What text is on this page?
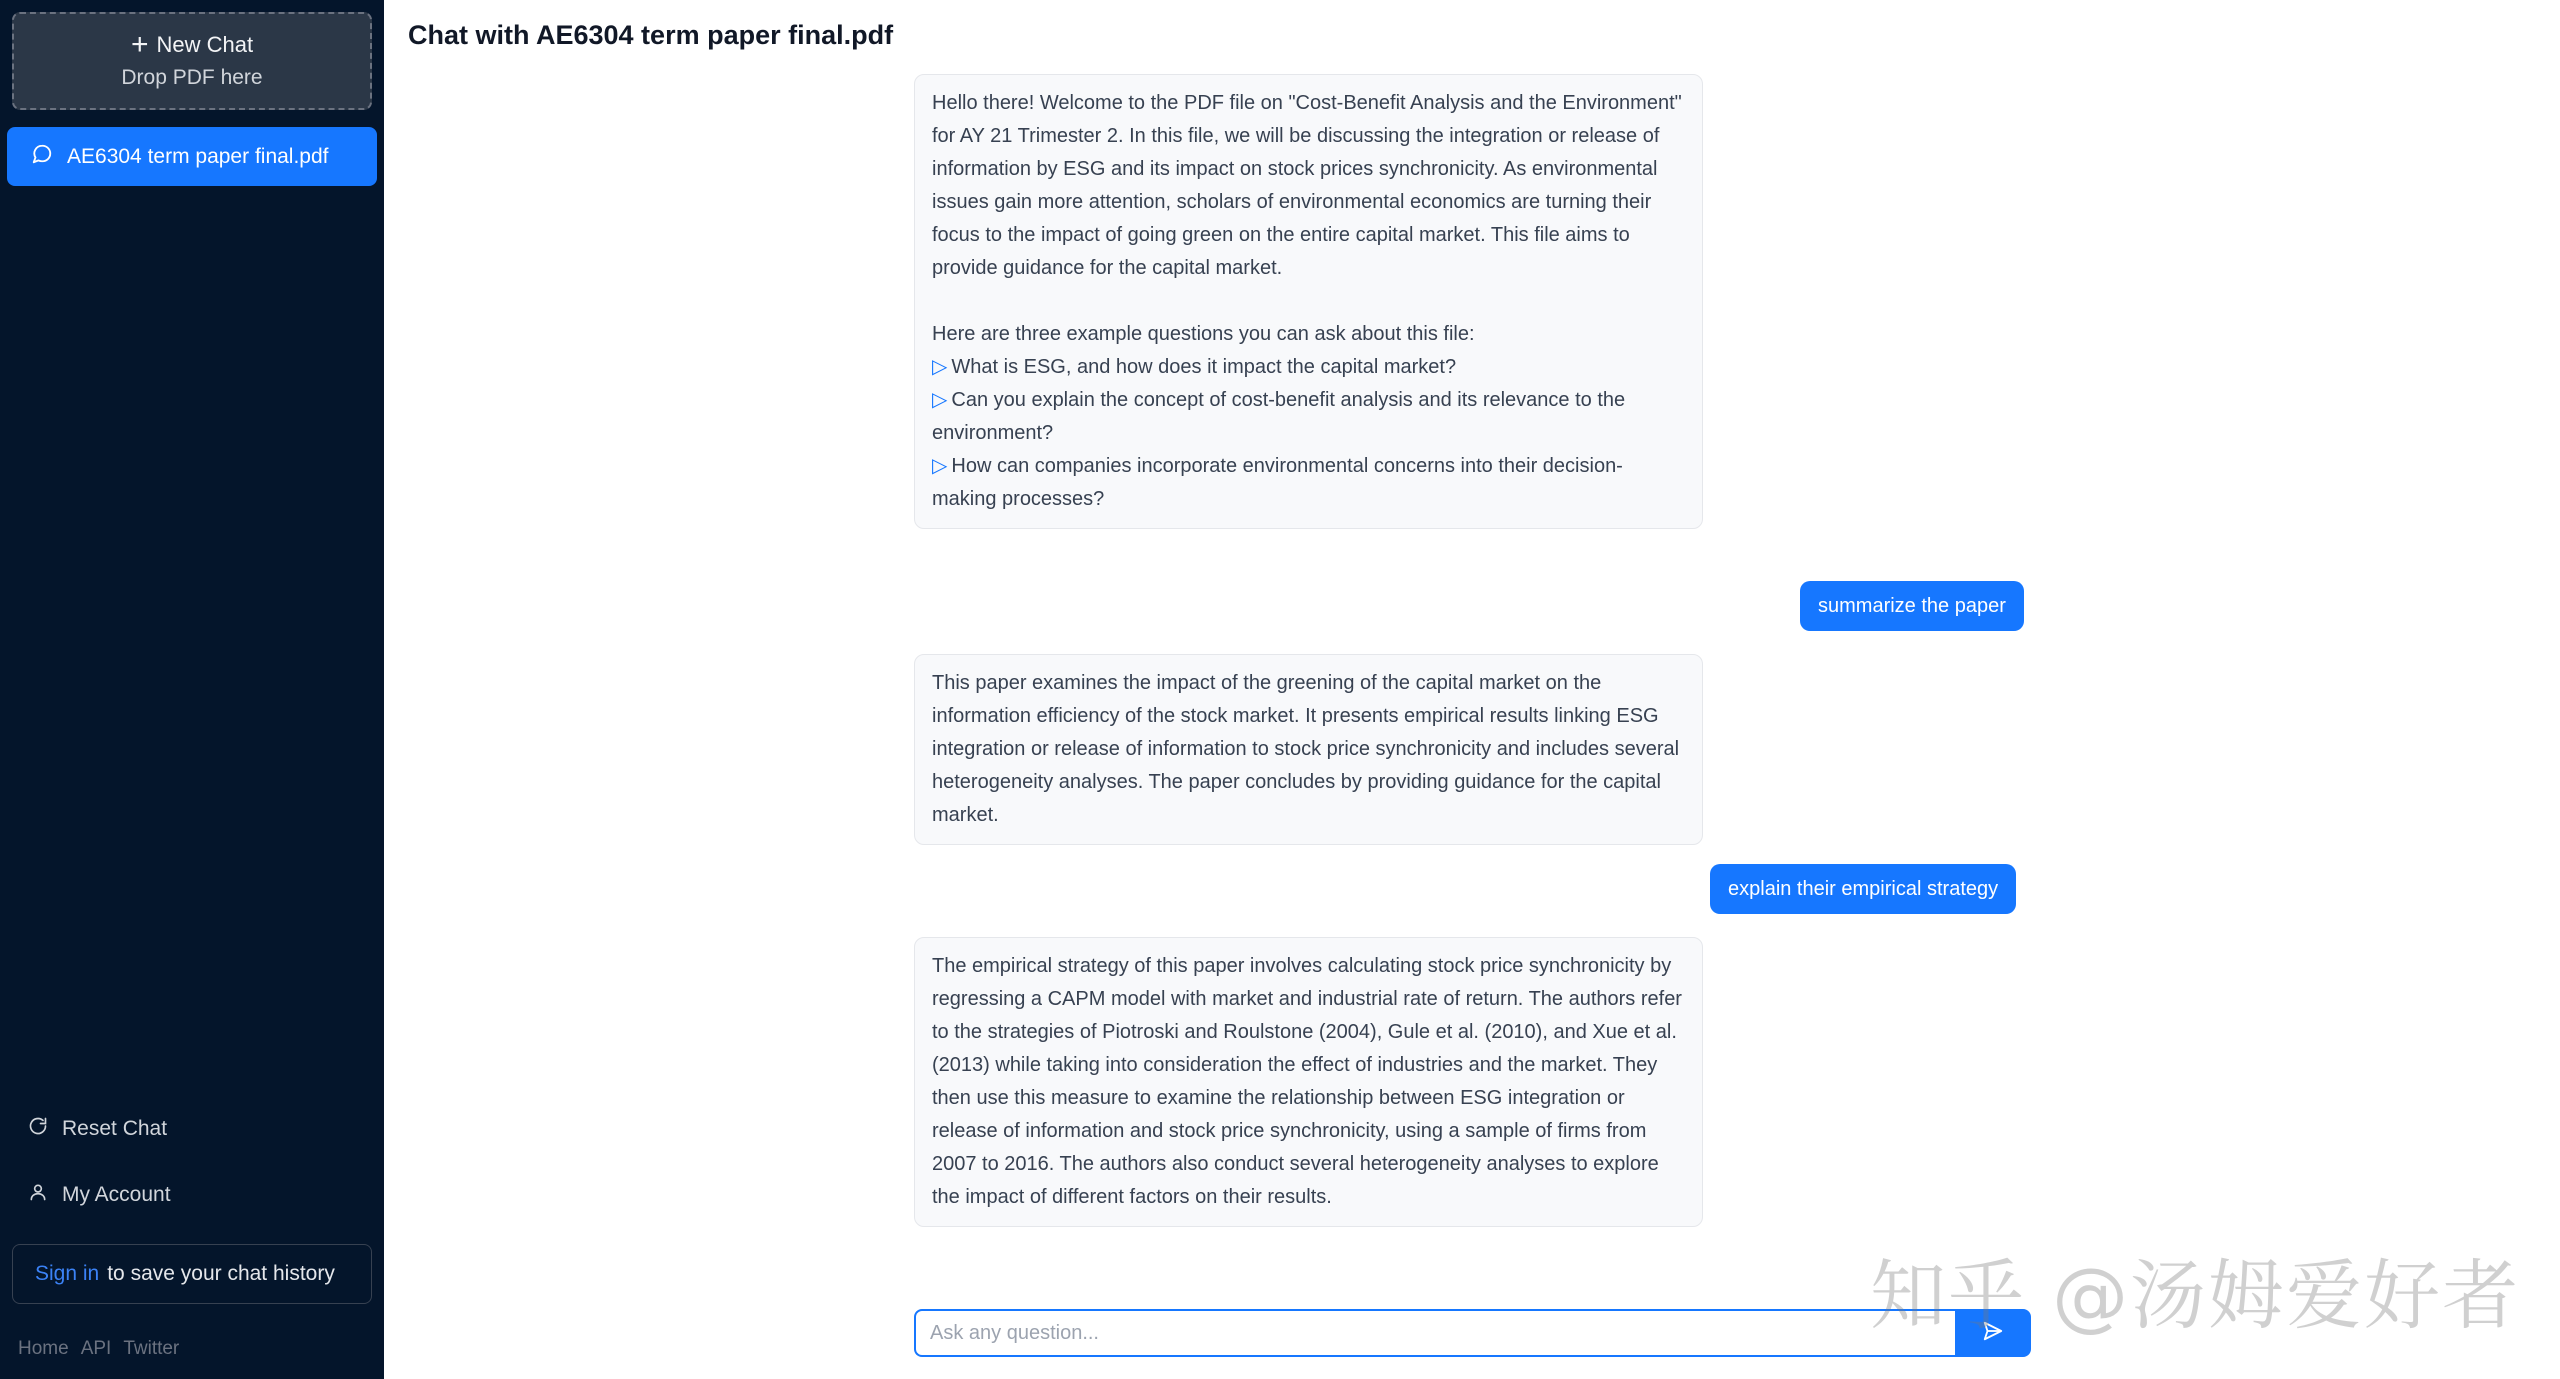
+ New Chat
Drop PDF here
AE6304 term paper final.pdf
Reset Chat
My Account
Sign in to save your chat history
Home API Twitter
Chat with AE6304 term paper final.pdf
Hello there! Welcome to the PDF file on "Cost-Benefit Analysis and the Environment" for AY 21 Trimester 2. In this file, we will be discussing the integration or release of information by ESG and its impact on stock prices synchronicity. As environmental issues gain more attention, scholars of environmental economics are turning their focus to the impact of going green on the entire capital market. This file aims to provide guidance for the capital market.
Here are three example questions you can ask about this file:
▷ What is ESG, and how does it impact the capital market?
▷ Can you explain the concept of cost-benefit analysis and its relevance to the environment?
▷ How can companies incorporate environmental concerns into their decision-making processes?
summarize the paper
This paper examines the impact of the greening of the capital market on the information efficiency of the stock market. It presents empirical results linking ESG integration or release of information to stock price synchronicity and includes several heterogeneity analyses. The paper concludes by providing guidance for the capital market.
explain their empirical strategy
The empirical strategy of this paper involves calculating stock price synchronicity by regressing a CAPM model with market and industrial rate of return. The authors refer to the strategies of Piotroski and Roulstone (2004), Gule et al. (2010), and Xue et al. (2013) while taking into consideration the effect of industries and the market. They then use this measure to examine the relationship between ESG integration or release of information and stock price synchronicity, using a sample of firms from 2007 to 2016. The authors also conduct several heterogeneity analyses to explore the impact of different factors on their results.
Ask any question...
知乎 @汤姆爱好者
